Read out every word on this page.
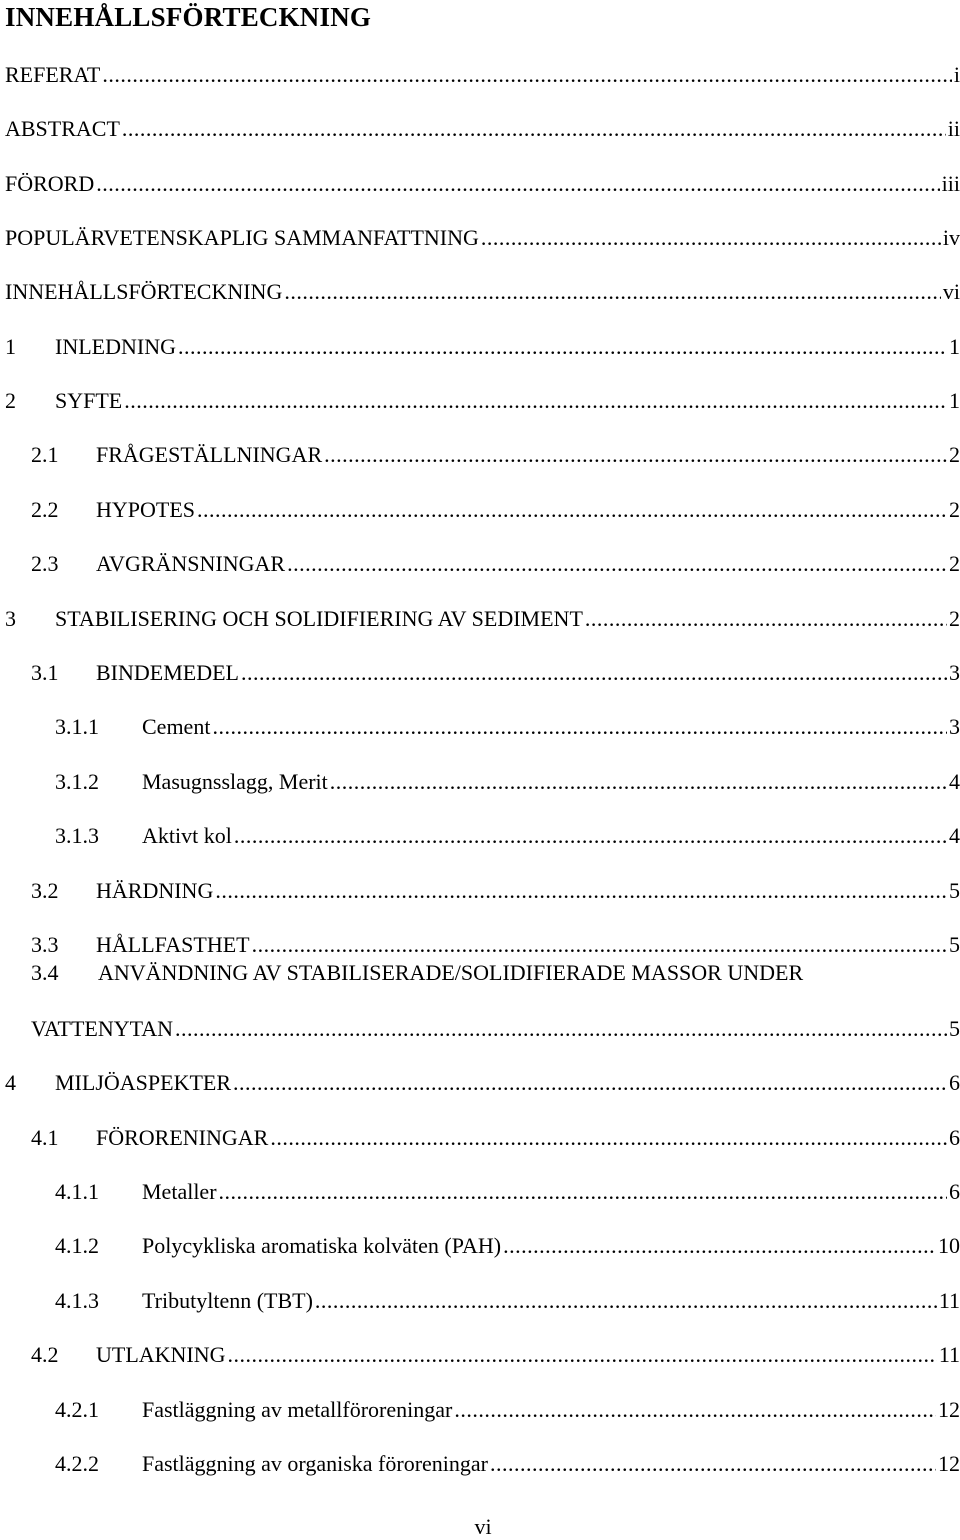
INNEHÅLLSFÖRTECKNING
REFERAT .....	i
ABSTRACT .....	ii
FÖRORD .....	iii
POPULÄRVETENSKAPLIG SAMMANFATTNING .....	iv
INNEHÅLLSFÖRTECKNING .....	vi
1	INLEDNING .....	1
2	SYFTE .....	1
2.1	FRÅGESTÄLLNINGAR .....	2
2.2	HYPOTES .....	2
2.3	AVGRÄNSNINGAR .....	2
3	STABILISERING OCH SOLIDIFIERING AV SEDIMENT .....	2
3.1	BINDEMEDEL .....	3
3.1.1	Cement .....	3
3.1.2	Masugnsslagg, Merit .....	4
3.1.3	Aktivt kol .....	4
3.2	HÄRDNING .....	5
3.3	HÅLLFASTHET .....	5
3.4 ANVÄNDNING AV STABILISERADE/SOLIDIFIERADE MASSOR UNDER
VATTENYTAN .....	5
4	MILJÖASPEKTER .....	6
4.1	FÖRORENINGAR .....	6
4.1.1	Metaller .....	6
4.1.2	Polycykliska aromatiska kolväten (PAH) .....	10
4.1.3	Tributyltenn (TBT) .....	11
4.2	UTLAKNING .....	11
4.2.1	Fastläggning av metallföroreningar .....	12
4.2.2	Fastläggning av organiska föroreningar .....	12
vi
